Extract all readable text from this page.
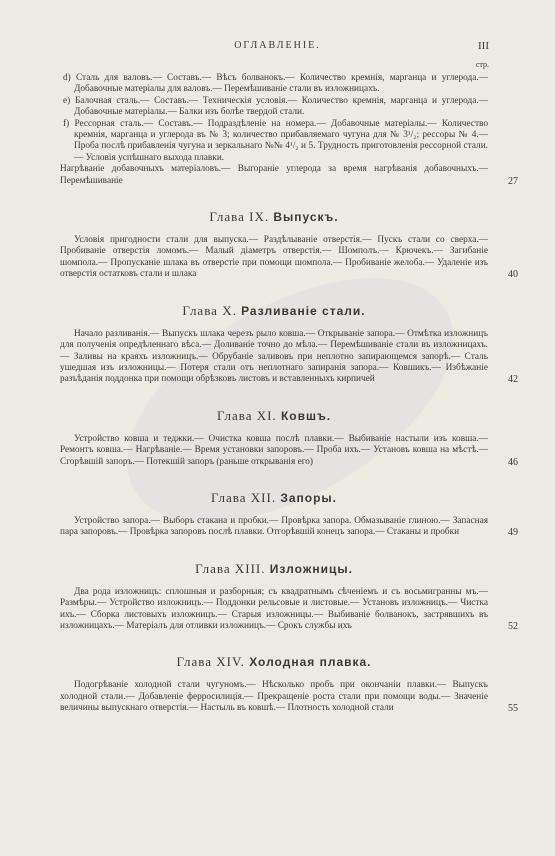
ОГЛАВЛЕНІЕ.	III
стр.

d) Сталь для валовъ.— Составъ.— Вѣсъ болванокъ.— Количество кремнія, марганца и углерода.— Добавочные матеріалы для валовъ.— Перемѣшиваніе стали въ изложницахъ.

e) Балочная сталь.— Составъ.— Техническія условія.— Количество кремнія, марганца и углерода.— Добавочные матеріалы.— Балки изъ болѣе твердой стали.

f) Рессорная сталь.— Составъ.— Подраздѣленіе на номера.— Добавочные матеріалы.— Количество кремнія, марганца и углерода въ № 3; количество прибавляемаго чугуна для № 3¹/₂; рессоры № 4.— Проба послѣ прибавленія чугуна и зеркальнаго №№ 4¹/₂ и 5. Трудность приготовленія рессорной стали.— Условія успѣшнаго выхода плавки.

Нагрѣваніе добавочныхъ матеріаловъ.— Выгораніе углерода за время нагрѣванія добавочныхъ.— Перемѣшиваніе	27
Глава IX. Выпускъ.

Условія пригодности стали для выпуска.— Раздѣлываніе отверстія.— Пускъ стали со сверха.— Пробиваніе отверстія ломомъ.— Малый діаметръ отверстія.— Шомполъ.— Крючекъ.— Загибаніе шомпола.— Пропусканіе шлака въ отверстіе при помощи шомпола.— Пробиваніе желоба.— Удаленіе изъ отверстія остатковъ стали и шлака	40
Глава X. Разливаніе стали.

Начало разливанія.— Выпускъ шлака черезъ рыло ковша.— Открываніе запора.— Отмѣтка изложницъ для полученія опредѣленнаго вѣса.— Доливаніе точно до мѣла.— Перемѣшиваніе стали въ изложницахъ.— Заливы на краяхъ изложницъ.— Обрубаніе заливовъ при неплотно запирающемся запорѣ.— Сталь ушедшая изъ изложницы.— Потеря стали отъ неплотнаго запиранія запора.— Ковшикъ.— Избѣжаніе разъѣданія поддонка при помощи обрѣзковъ листовъ и вставленныхъ кирпичей	42
Глава XI. Ковшъ.

Устройство ковша и теджки.— Очистка ковша послѣ плавки.— Выбиваніе настыли изъ ковша.— Ремонтъ ковша.— Нагрѣваніе.— Время установки запоровъ.— Проба ихъ.— Установъ ковша на мѣстѣ.— Сгорѣвшій запоръ.— Потекшій запоръ (раньше открыванія его)	46
Глава XII. Запоры.

Устройство запора.— Выборъ стакана и пробки.— Провѣрка запора. Обмазываніе глиною.— Запасная пара запоровъ.— Провѣрка запоровъ послѣ плавки. Отгорѣвшій конецъ запора.— Стаканы и пробки	49
Глава XIII. Изложницы.

Два рода изложницъ: сплошныя и разборныя; съ квадратнымъ сѣченіемъ и съ восьмигранны мъ.— Размѣры.— Устройство изложницъ.— Поддонки рельсовые и листовые.— Установъ изложницъ.— Чистка ихъ.— Сборка листовыхъ изложницъ.— Старыя изложницы.— Выбиваніе болванокъ, застрявшихъ въ изложницахъ.— Матеріалъ для отливки изложницъ.— Срокъ службы ихъ	52
Глава XIV. Холодная плавка.

Подогрѣваніе холодной стали чугуномъ.— Нѣсколько пробъ при окончаніи плавки.— Выпускъ холодной стали.— Добавленіе ферросилиція.— Прекращеніе роста стали при помощи воды.— Значеніе величины выпускнаго отверстія.— Настыль въ ковшѣ.— Плотность холодной стали	55
